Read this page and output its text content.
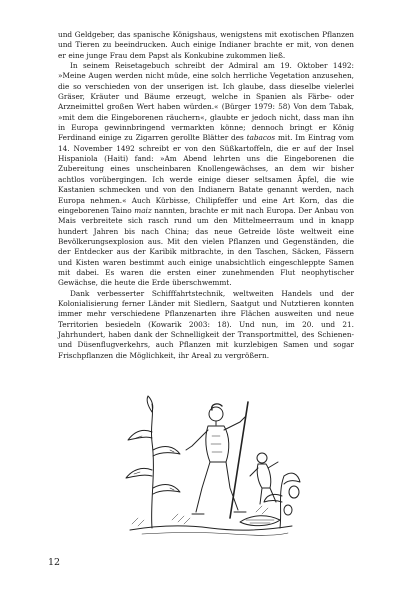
und Geldgeber, das spanische Königshaus, wenigstens mit exotischen Pflanzen und Tieren zu beeindrucken. Auch einige Indianer brachte er mit, von denen er eine junge Frau dem Papst als Konkubine zukommen ließ.

In seinem Reisetagebuch schreibt der Admiral am 19. Oktober 1492: »Meine Augen werden nicht müde, eine solch herrliche Vegetation anzusehen, die so verschieden von der unserigen ist. Ich glaube, dass dieselbe vielerlei Gräser, Kräuter und Bäume erzeugt, welche in Spanien als Färbe- oder Arzneimittel großen Wert haben würden.« (Bürger 1979: 58) Von dem Tabak, »mit dem die Eingeborenen räuchern«, glaubte er jedoch nicht, dass man ihn in Europa gewinnbringend vermarkten könne; dennoch bringt er König Ferdinand einige zu Zigarren gerollte Blätter des tabacos mit. Im Eintrag vom 14. November 1492 schreibt er von den Süßkartoffeln, die er auf der Insel Hispaniola (Haiti) fand: »Am Abend lehrten uns die Eingeborenen die Zubereitung eines unscheinbaren Knollengewächses, an dem wir bisher achtlos vorübergingen. Ich werde einige dieser seltsamen Äpfel, die wie Kastanien schmecken und von den Indianern Batate genannt werden, nach Europa nehmen.« Auch Kürbisse, Chilipfeffer und eine Art Korn, das die eingeborenen Taino maiz nannten, brachte er mit nach Europa. Der Anbau von Mais verbreitete sich rasch rund um den Mittelmeerraum und in knapp hundert Jahren bis nach China; das neue Getreide löste weltweit eine Bevölkerungsexplosion aus. Mit den vielen Pflanzen und Gegenständen, die der Entdecker aus der Karibik mitbrachte, in den Taschen, Säcken, Fässern und Kisten waren bestimmt auch einige unabsichtlich eingeschleppte Samen mit dabei. Es waren die ersten einer zunehmenden Flut neophytischer Gewächse, die heute die Erde überschwemmt.

Dank verbesserter Schifffahrtstechnik, weltweiten Handels und der Kolonialisierung ferner Länder mit Siedlern, Saatgut und Nutztieren konnten immer mehr verschiedene Pflanzenarten ihre Flächen ausweiten und neue Territorien besiedeln (Kowarik 2003: 18). Und nun, im 20. und 21. Jahrhundert, haben dank der Schnelligkeit der Transportmittel, des Schienen- und Düsenflugverkehrs, auch Pflanzen mit kurzlebigen Samen und sogar Frischpflanzen die Möglichkeit, ihr Areal zu vergrößern.

12
